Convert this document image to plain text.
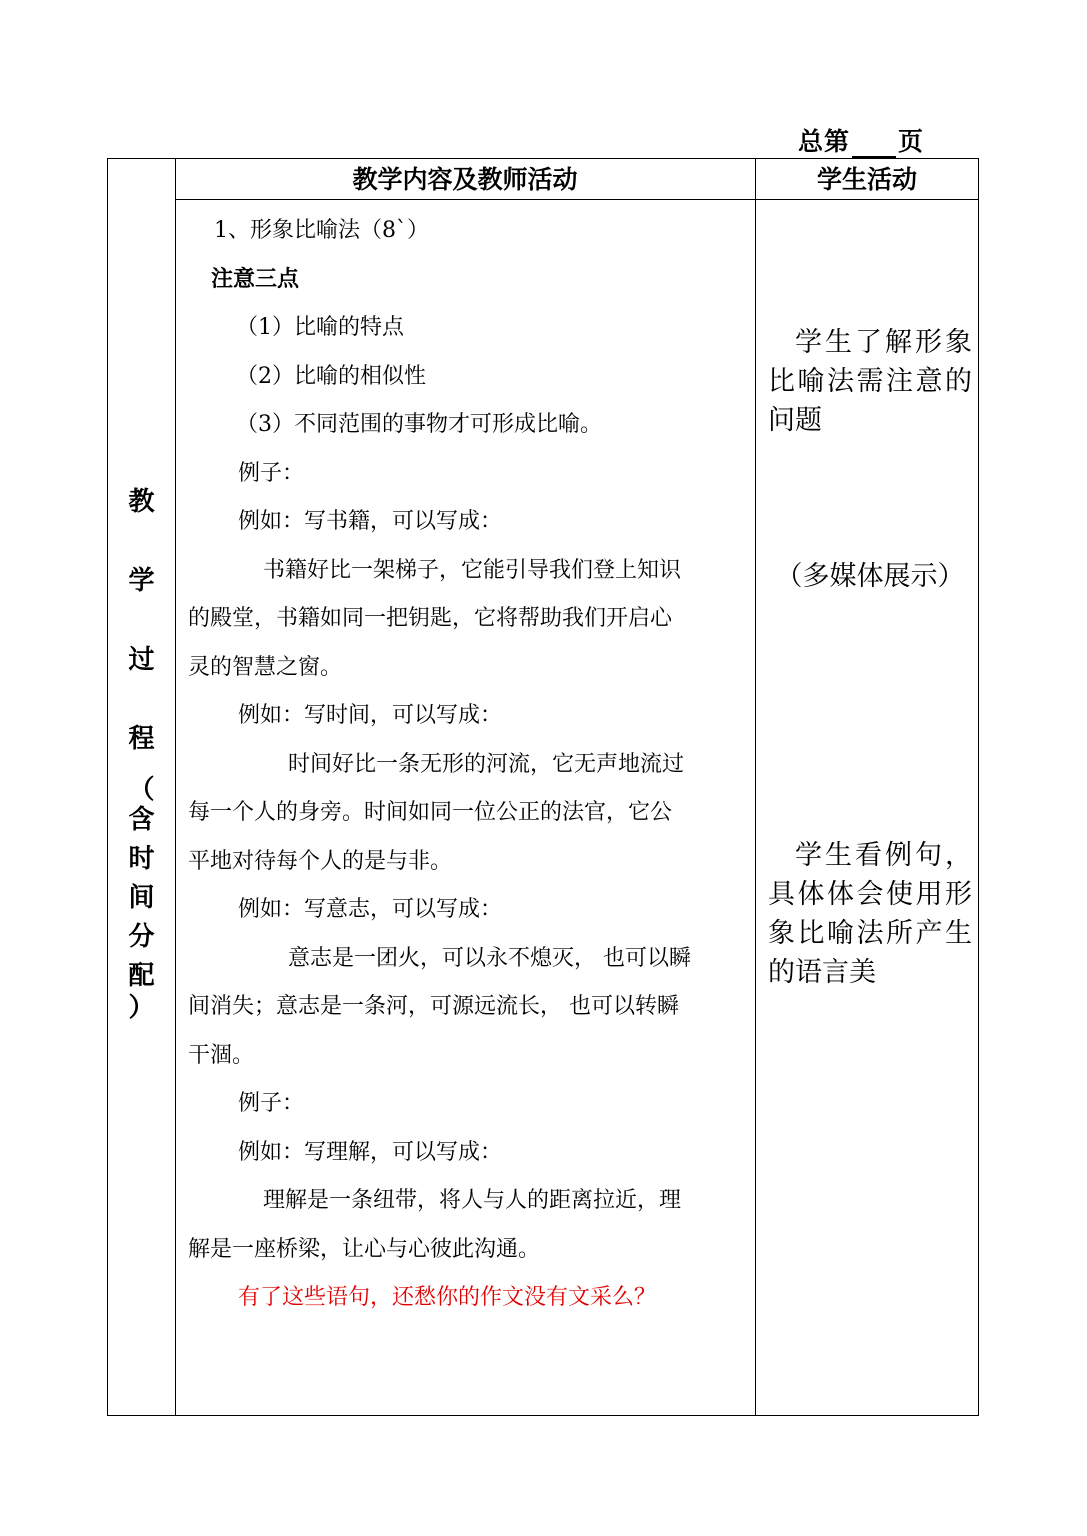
总第 页
教学内容及教师活动	学生活动
教
学
过
程
（
含
时
间
分
配
）
1、形象比喻法（8`）
注意三点
（1）比喻的特点
（2）比喻的相似性
（3）不同范围的事物才可形成比喻。
例子：
例如：写书籍，可以写成：
书籍好比一架梯子，它能引导我们登上知识
的殿堂，书籍如同一把钥匙，它将帮助我们开启心
灵的智慧之窗。
例如：写时间，可以写成：
时间好比一条无形的河流，它无声地流过
每一个人的身旁。时间如同一位公正的法官，它公
平地对待每个人的是与非。
例如：写意志，可以写成：
意志是一团火，可以永不熄灭， 也可以瞬
间消失；意志是一条河，可源远流长， 也可以转瞬
干涸。
例子：
例如：写理解，可以写成：
理解是一条纽带，将人与人的距离拉近，理
解是一座桥梁，让心与心彼此沟通。
有了这些语句，还愁你的作文没有文采么？
学生了解形象比喻法需注意的问题
（多媒体展示）
学生看例句，具体体会使用形象比喻法所产生的语言美
